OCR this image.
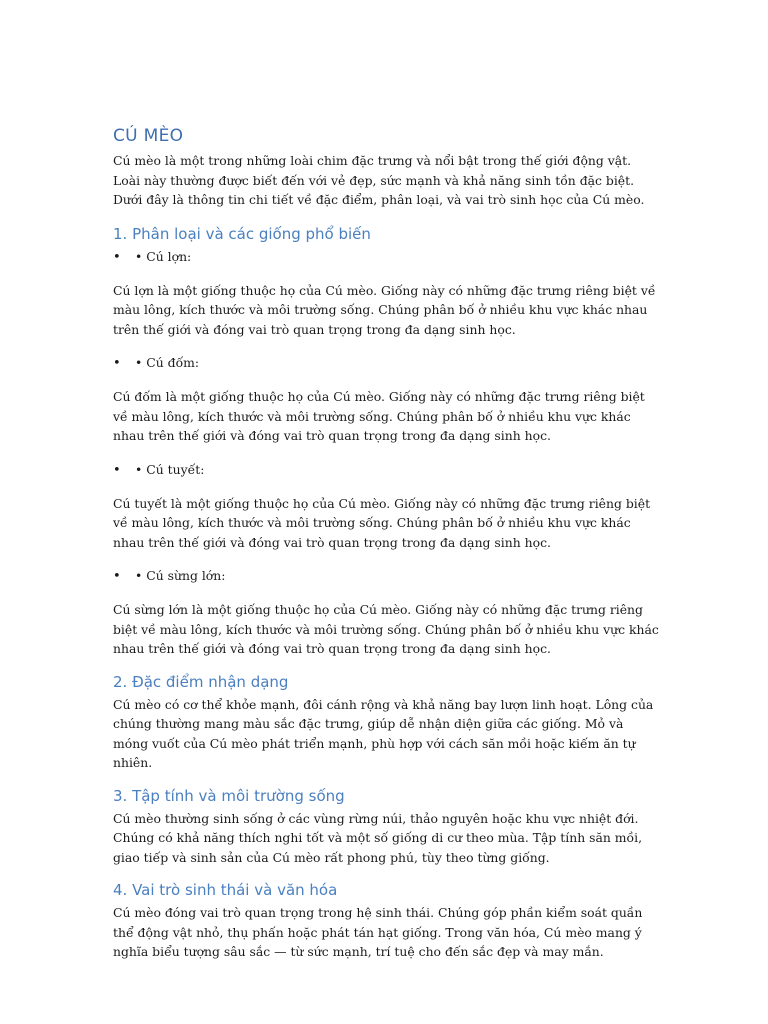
CÚ MÈO

Cú mèo là một trong những loài chim đặc trưng và nổi bật trong thế giới động vật. Loài này thường được biết đến với vẻ đẹp, sức mạnh và khả năng sinh tồn đặc biệt. Dưới đây là thông tin chi tiết về đặc điểm, phân loại, và vai trò sinh học của Cú mèo.

1. Phân loại và các giống phổ biến
•	• Cú lợn:

Cú lợn là một giống thuộc họ của Cú mèo. Giống này có những đặc trưng riêng biệt về màu lông, kích thước và môi trường sống. Chúng phân bố ở nhiều khu vực khác nhau trên thế giới và đóng vai trò quan trọng trong đa dạng sinh học.

•	• Cú đốm:

Cú đốm là một giống thuộc họ của Cú mèo. Giống này có những đặc trưng riêng biệt về màu lông, kích thước và môi trường sống. Chúng phân bố ở nhiều khu vực khác nhau trên thế giới và đóng vai trò quan trọng trong đa dạng sinh học.

•	• Cú tuyết:

Cú tuyết là một giống thuộc họ của Cú mèo. Giống này có những đặc trưng riêng biệt về màu lông, kích thước và môi trường sống. Chúng phân bố ở nhiều khu vực khác nhau trên thế giới và đóng vai trò quan trọng trong đa dạng sinh học.

•	• Cú sừng lớn:

Cú sừng lớn là một giống thuộc họ của Cú mèo. Giống này có những đặc trưng riêng biệt về màu lông, kích thước và môi trường sống. Chúng phân bố ở nhiều khu vực khác nhau trên thế giới và đóng vai trò quan trọng trong đa dạng sinh học.

2. Đặc điểm nhận dạng

Cú mèo có cơ thể khỏe mạnh, đôi cánh rộng và khả năng bay lượn linh hoạt. Lông của chúng thường mang màu sắc đặc trưng, giúp dễ nhận diện giữa các giống. Mỏ và móng vuốt của Cú mèo phát triển mạnh, phù hợp với cách săn mồi hoặc kiếm ăn tự nhiên.

3. Tập tính và môi trường sống

Cú mèo thường sinh sống ở các vùng rừng núi, thảo nguyên hoặc khu vực nhiệt đới. Chúng có khả năng thích nghi tốt và một số giống di cư theo mùa. Tập tính săn mồi, giao tiếp và sinh sản của Cú mèo rất phong phú, tùy theo từng giống.

4. Vai trò sinh thái và văn hóa

Cú mèo đóng vai trò quan trọng trong hệ sinh thái. Chúng góp phần kiểm soát quần thể động vật nhỏ, thụ phấn hoặc phát tán hạt giống. Trong văn hóa, Cú mèo mang ý nghĩa biểu tượng sâu sắc — từ sức mạnh, trí tuệ cho đến sắc đẹp và may mắn.
